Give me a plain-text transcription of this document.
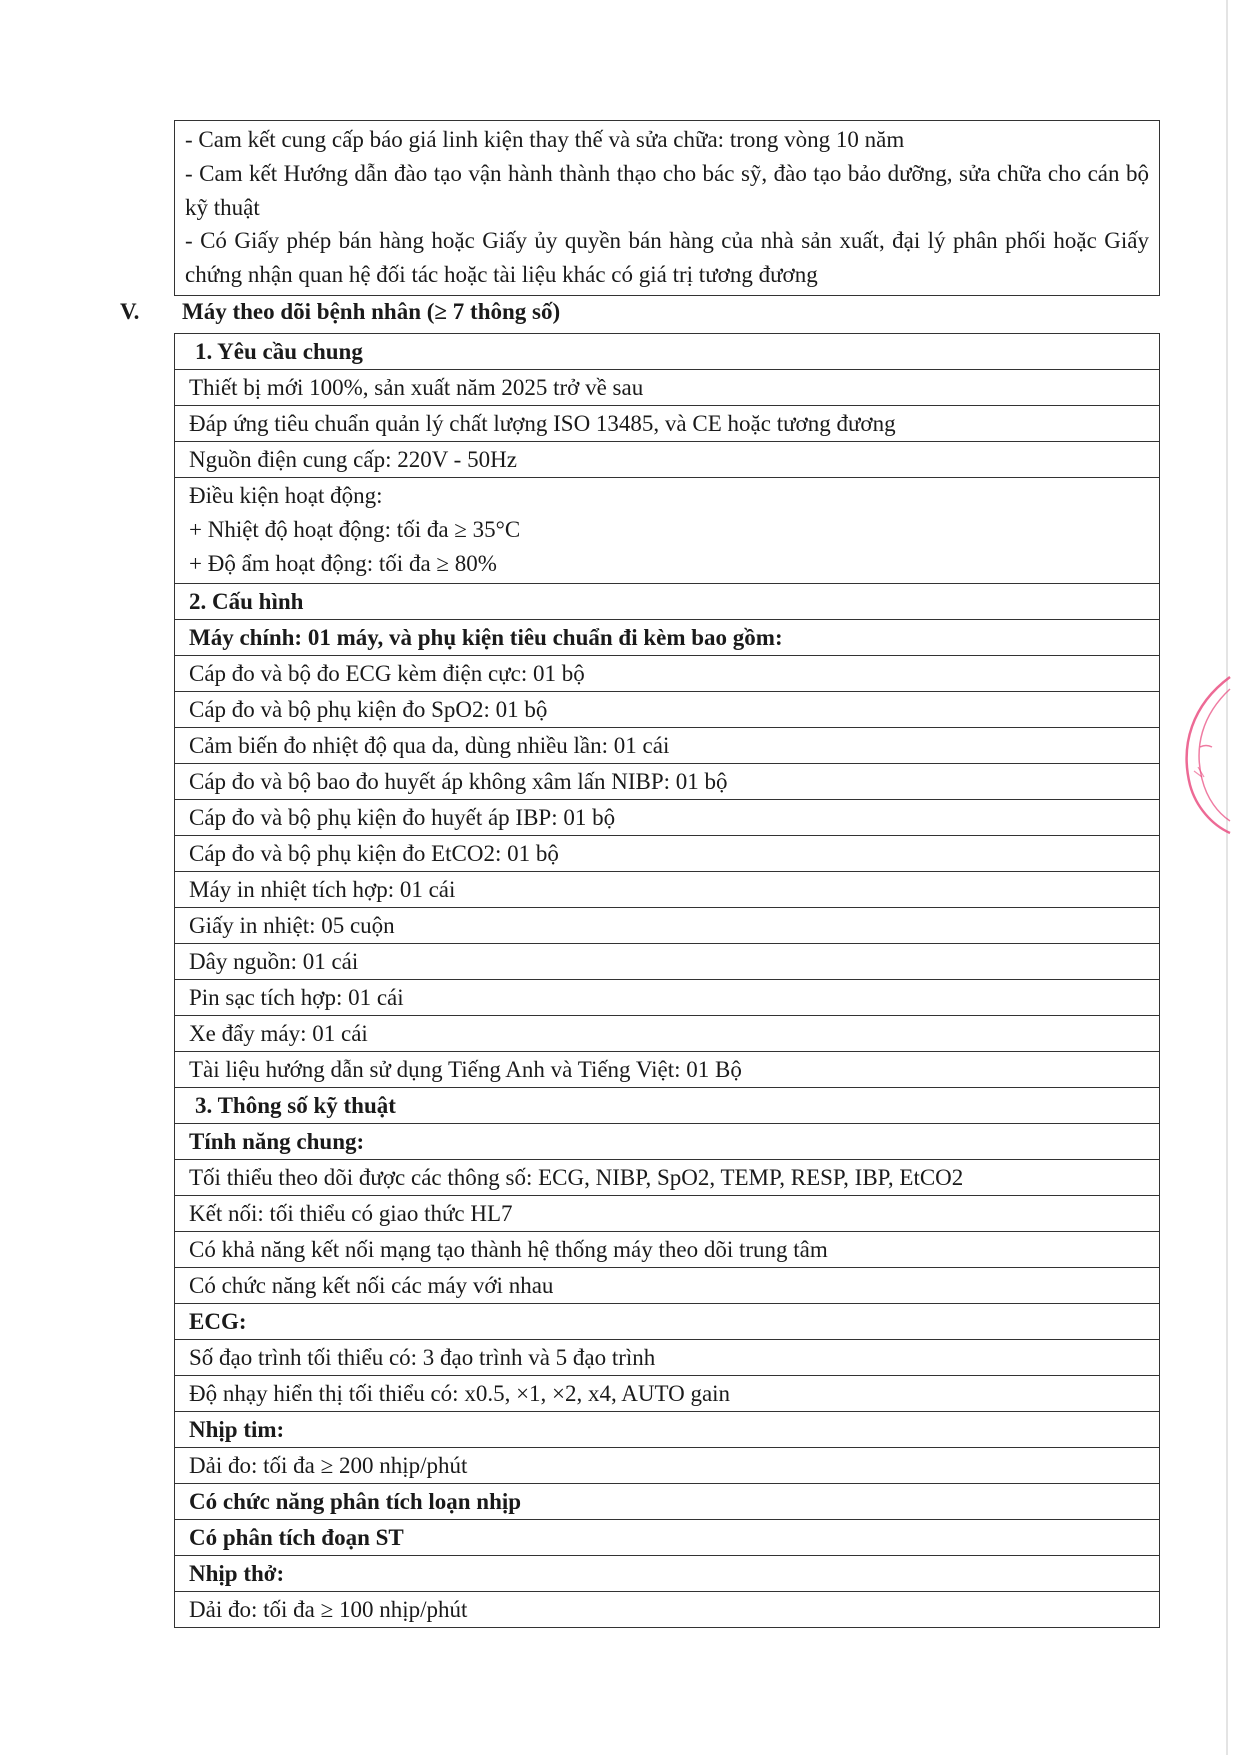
- Cam kết cung cấp báo giá linh kiện thay thế và sửa chữa: trong vòng 10 năm

- Cam kết Hướng dẫn đào tạo vận hành thành thạo cho bác sỹ, đào tạo bảo dưỡng, sửa chữa cho cán bộ kỹ thuật

- Có Giấy phép bán hàng hoặc Giấy ủy quyền bán hàng của nhà sản xuất, đại lý phân phối hoặc Giấy chứng nhận quan hệ đối tác hoặc tài liệu khác có giá trị tương đương

V. Máy theo dõi bệnh nhân (≥ 7 thông số)
1. Yêu cầu chung
Thiết bị mới 100%, sản xuất năm 2025 trở về sau
Đáp ứng tiêu chuẩn quản lý chất lượng ISO 13485, và CE hoặc tương đương
Nguồn điện cung cấp: 220V - 50Hz

Điều kiện hoạt động:
+ Nhiệt độ hoạt động: tối đa ≥ 35°C
+ Độ ẩm hoạt động: tối đa ≥ 80%

2. Cấu hình
Máy chính: 01 máy, và phụ kiện tiêu chuẩn đi kèm bao gồm:
Cáp đo và bộ đo ECG kèm điện cực: 01 bộ
Cáp đo và bộ phụ kiện đo SpO2: 01 bộ
Cảm biến đo nhiệt độ qua da, dùng nhiều lần: 01 cái
Cáp đo và bộ bao đo huyết áp không xâm lấn NIBP: 01 bộ
Cáp đo và bộ phụ kiện đo huyết áp IBP: 01 bộ
Cáp đo và bộ phụ kiện đo EtCO2: 01 bộ
Máy in nhiệt tích hợp: 01 cái
Giấy in nhiệt: 05 cuộn
Dây nguồn: 01 cái
Pin sạc tích hợp: 01 cái
Xe đẩy máy: 01 cái
Tài liệu hướng dẫn sử dụng Tiếng Anh và Tiếng Việt: 01 Bộ
3. Thông số kỹ thuật
Tính năng chung:
Tối thiểu theo dõi được các thông số: ECG, NIBP, SpO2, TEMP, RESP, IBP, EtCO2
Kết nối: tối thiểu có giao thức HL7
Có khả năng kết nối mạng tạo thành hệ thống máy theo dõi trung tâm
Có chức năng kết nối các máy với nhau
ECG:
Số đạo trình tối thiểu có: 3 đạo trình và 5 đạo trình
Độ nhạy hiển thị tối thiểu có: x0.5, ×1, ×2, x4, AUTO gain
Nhịp tim:
Dải đo: tối đa ≥ 200 nhịp/phút
Có chức năng phân tích loạn nhịp
Có phân tích đoạn ST
Nhịp thở:
Dải đo: tối đa ≥ 100 nhịp/phút
